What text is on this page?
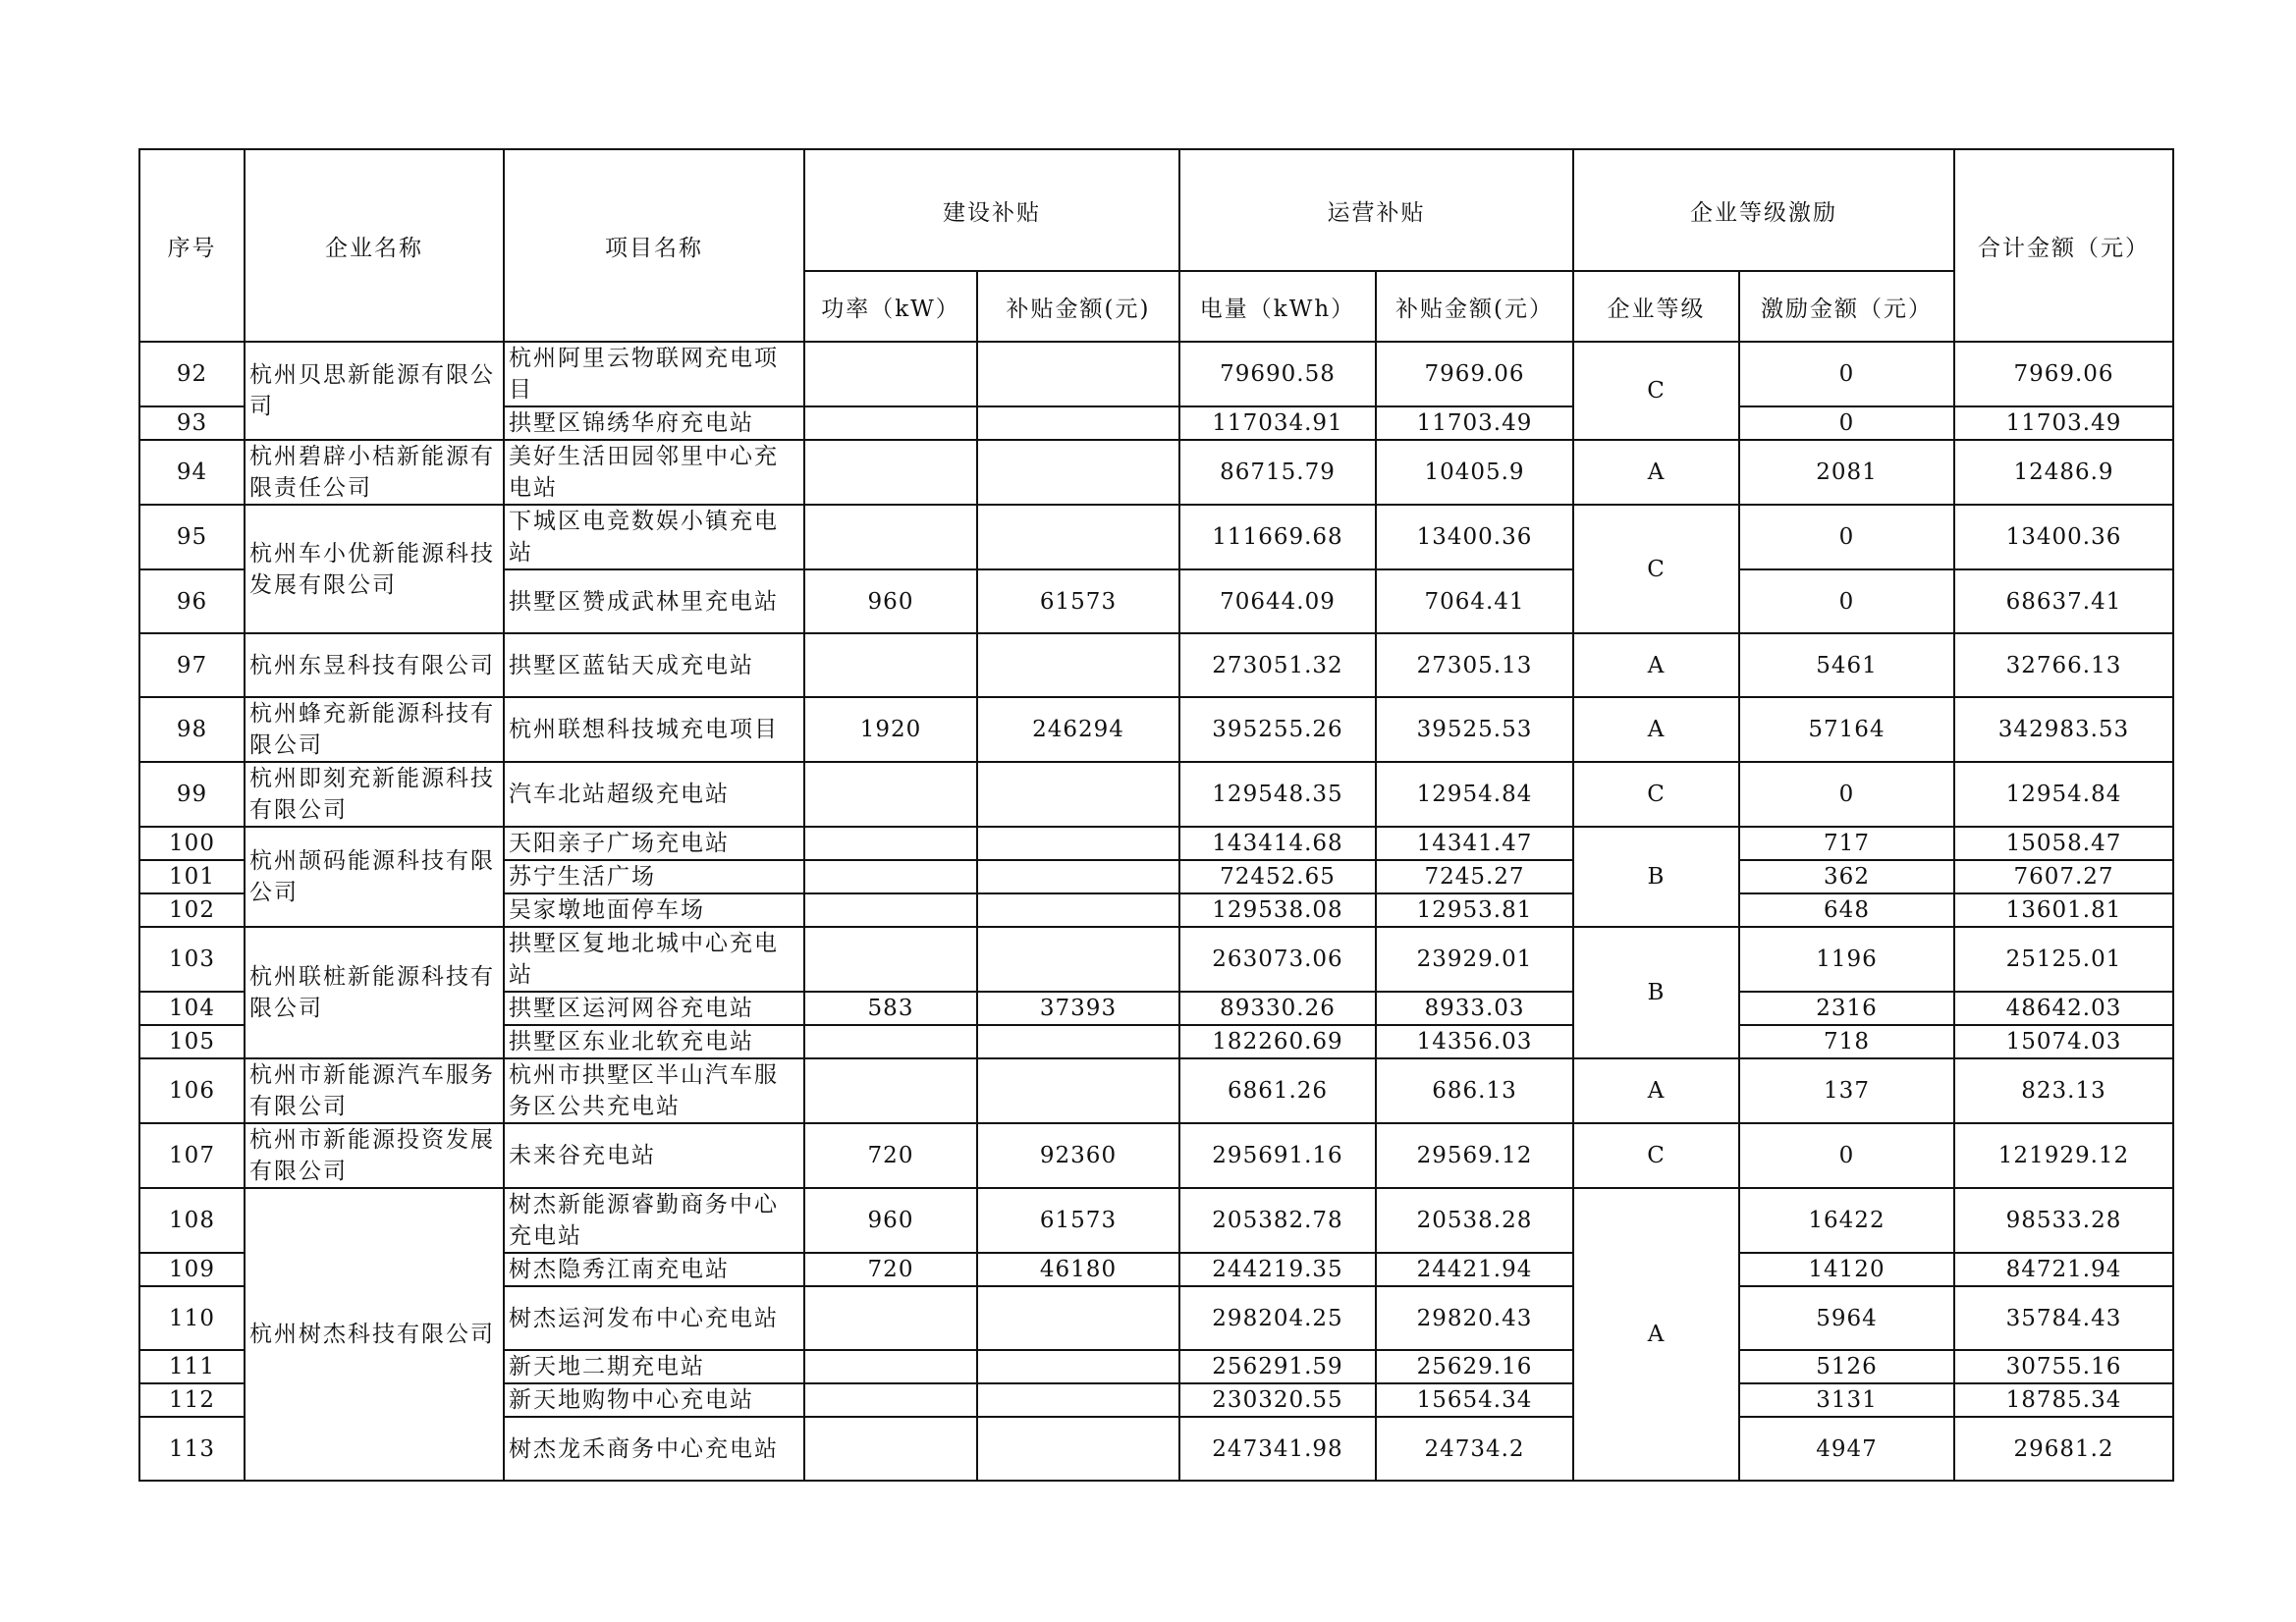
序号	企业名称	项目名称	建设补贴		运营补贴		企业等级激励		合计金额（元）
			功率（kW）	补贴金额(元)	电量（kWh）	补贴金额(元）	企业等级	激励金额（元）	
92	杭州贝思新能源有限公司	杭州阿里云物联网充电项目			79690.58	7969.06	C	0	7969.06
93		拱墅区锦绣华府充电站			117034.91	11703.49		0	11703.49
94	杭州碧辟小桔新能源有限责任公司	美好生活田园邻里中心充电站			86715.79	10405.9	A	2081	12486.9
95	杭州车小优新能源科技发展有限公司	下城区电竞数娱小镇充电站			111669.68	13400.36	C	0	13400.36
96		拱墅区赞成武林里充电站	960	61573	70644.09	7064.41		0	68637.41
97	杭州东昱科技有限公司	拱墅区蓝钻天成充电站			273051.32	27305.13	A	5461	32766.13
98	杭州蜂充新能源科技有限公司	杭州联想科技城充电项目	1920	246294	395255.26	39525.53	A	57164	342983.53
99	杭州即刻充新能源科技有限公司	汽车北站超级充电站			129548.35	12954.84	C	0	12954.84
100	杭州颉码能源科技有限公司	天阳亲子广场充电站			143414.68	14341.47	B	717	15058.47
101		苏宁生活广场			72452.65	7245.27		362	7607.27
102		吴家墩地面停车场			129538.08	12953.81		648	13601.81
103	杭州联桩新能源科技有限公司	拱墅区复地北城中心充电站			263073.06	23929.01	B	1196	25125.01
104		拱墅区运河网谷充电站	583	37393	89330.26	8933.03		2316	48642.03
105		拱墅区东业北软充电站			182260.69	14356.03		718	15074.03
106	杭州市新能源汽车服务有限公司	杭州市拱墅区半山汽车服务区公共充电站			6861.26	686.13	A	137	823.13
107	杭州市新能源投资发展有限公司	未来谷充电站	720	92360	295691.16	29569.12	C	0	121929.12
108	杭州树杰科技有限公司	树杰新能源睿勤商务中心充电站	960	61573	205382.78	20538.28	A	16422	98533.28
109		树杰隐秀江南充电站	720	46180	244219.35	24421.94		14120	84721.94
110		树杰运河发布中心充电站			298204.25	29820.43		5964	35784.43
111		新天地二期充电站			256291.59	25629.16		5126	30755.16
112		新天地购物中心充电站			230320.55	15654.34		3131	18785.34
113		树杰龙禾商务中心充电站			247341.98	24734.2		4947	29681.2
